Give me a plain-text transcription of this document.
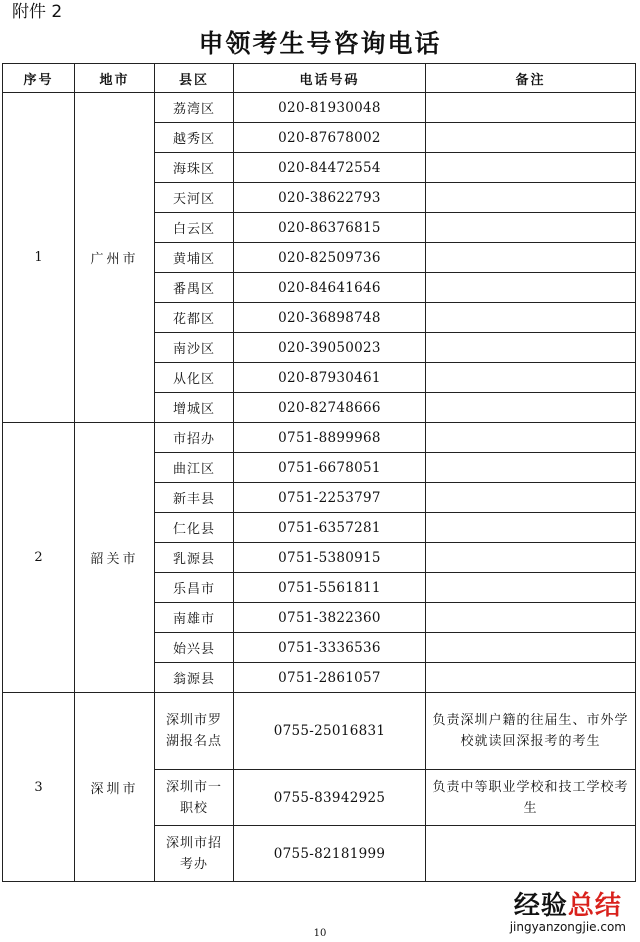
附件 2
申领考生号咨询电话
序号	地市	县区	电话号码	备注
1	广州市	荔湾区	020-81930048	
		越秀区	020-87678002	
		海珠区	020-84472554	
		天河区	020-38622793	
		白云区	020-86376815	
		黄埔区	020-82509736	
		番禺区	020-84641646	
		花都区	020-36898748	
		南沙区	020-39050023	
		从化区	020-87930461	
		增城区	020-82748666	
2	韶关市	市招办	0751-8899968	
		曲江区	0751-6678051	
		新丰县	0751-2253797	
		仁化县	0751-6357281	
		乳源县	0751-5380915	
		乐昌市	0751-5561811	
		南雄市	0751-3822360	
		始兴县	0751-3336536	
		翁源县	0751-2861057	
3	深圳市	深圳市罗湖报名点	0755-25016831	负责深圳户籍的往届生、市外学校就读回深报考的考生
		深圳市一职校	0755-83942925	负责中等职业学校和技工学校考生
		深圳市招考办	0755-82181999	
经验总结
jingyanzongjie.com
10
